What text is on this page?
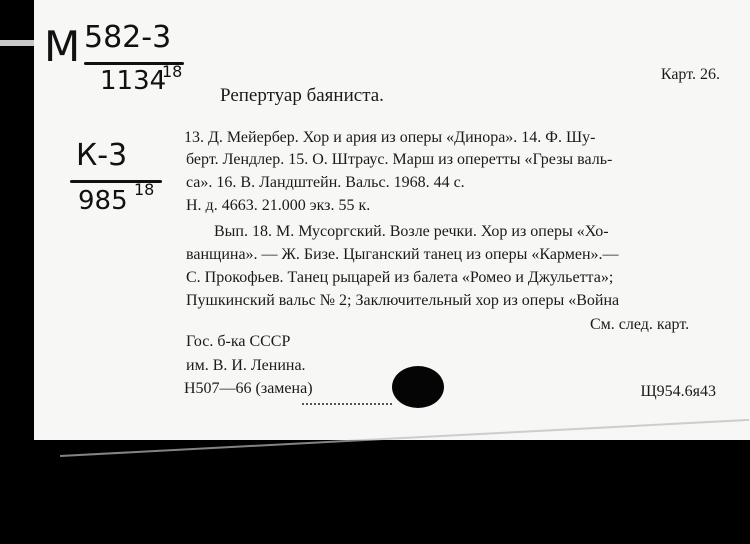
М 582-3
1134
18
К-3
985 18
Карт. 26.
Репертуар баяниста.
13. Д. Мейербер. Хор и ария из оперы «Динора». 14. Ф. Шу-
берт. Лендлер. 15. О. Штраус. Марш из оперетты «Грезы валь-
са». 16. В. Ландштейн. Вальс. 1968. 44 с.
Н. д. 4663. 21.000 экз. 55 к.
Вып. 18. М. Мусоргский. Возле речки. Хор из оперы «Хо-
ванщина». — Ж. Бизе. Цыганский танец из оперы «Кармен».—
С. Прокофьев. Танец рыцарей из балета «Ромео и Джульетта»;
Пушкинский вальс № 2; Заключительный хор из оперы «Война
См. след. карт.
Гос. б-ка СССР
им. В. И. Ленина.
Н507—66 (замена)	Щ954.6я43
